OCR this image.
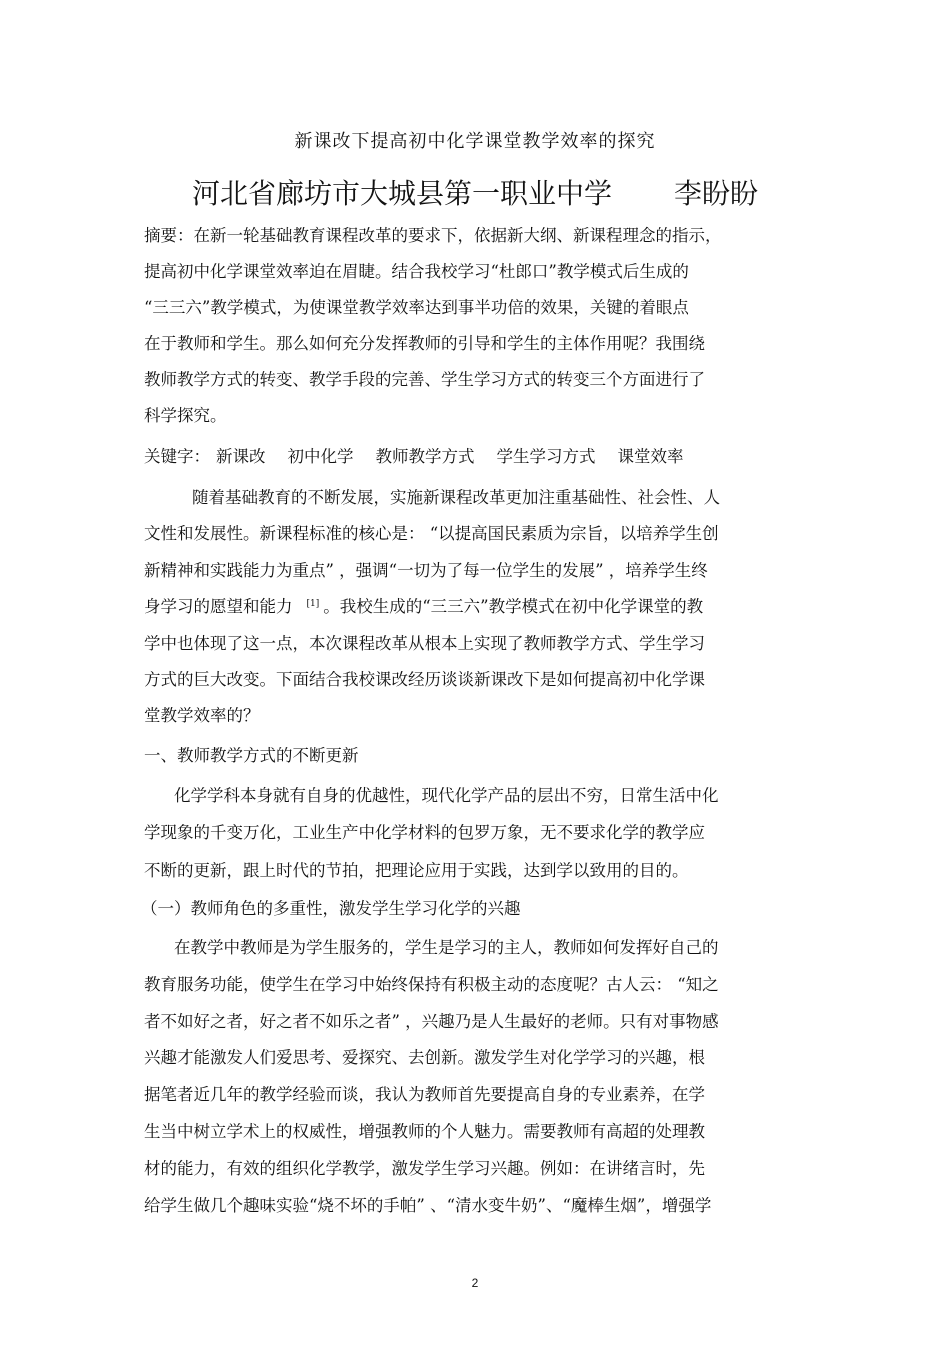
新课改下提高初中化学课堂教学效率的探究
河北省廊坊市大城县第一职业中学 李盼盼
摘要：在新一轮基础教育课程改革的要求下，依据新大纲、新课程理念的指示，
提高初中化学课堂效率迫在眉睫。结合我校学习“杜郎口”教学模式后生成的
“三三六”教学模式，为使课堂教学效率达到事半功倍的效果，关键的着眼点
在于教师和学生。那么如何充分发挥教师的引导和学生的主体作用呢？我围绕
教师教学方式的转变、教学手段的完善、学生学习方式的转变三个方面进行了
科学探究。
关键字： 新课改 初中化学 教师教学方式 学生学习方式 课堂效率
随着基础教育的不断发展，实施新课程改革更加注重基础性、社会性、人
文性和发展性。新课程标准的核心是： “以提高国民素质为宗旨，以培养学生创
新精神和实践能力为重点” ，强调“一切为了每一位学生的发展” ，培养学生终
身学习的愿望和能力 [1] 。我校生成的“三三六”教学模式在初中化学课堂的教
学中也体现了这一点，本次课程改革从根本上实现了教师教学方式、学生学习
方式的巨大改变。下面结合我校课改经历谈谈新课改下是如何提高初中化学课
堂教学效率的？
一、教师教学方式的不断更新
化学学科本身就有自身的优越性，现代化学产品的层出不穷，日常生活中化
学现象的千变万化，工业生产中化学材料的包罗万象，无不要求化学的教学应
不断的更新，跟上时代的节拍，把理论应用于实践，达到学以致用的目的。
（一）教师角色的多重性，激发学生学习化学的兴趣
在教学中教师是为学生服务的，学生是学习的主人，教师如何发挥好自己的
教育服务功能，使学生在学习中始终保持有积极主动的态度呢？古人云： “知之
者不如好之者，好之者不如乐之者” ，兴趣乃是人生最好的老师。只有对事物感
兴趣才能激发人们爱思考、爱探究、去创新。激发学生对化学学习的兴趣，根
据笔者近几年的教学经验而谈，我认为教师首先要提高自身的专业素养，在学
生当中树立学术上的权威性，增强教师的个人魅力。需要教师有高超的处理教
材的能力，有效的组织化学教学，激发学生学习兴趣。例如：在讲绪言时，先
给学生做几个趣味实验“烧不坏的手帕” 、“清水变牛奶”、“魔棒生烟”，增强学
2
